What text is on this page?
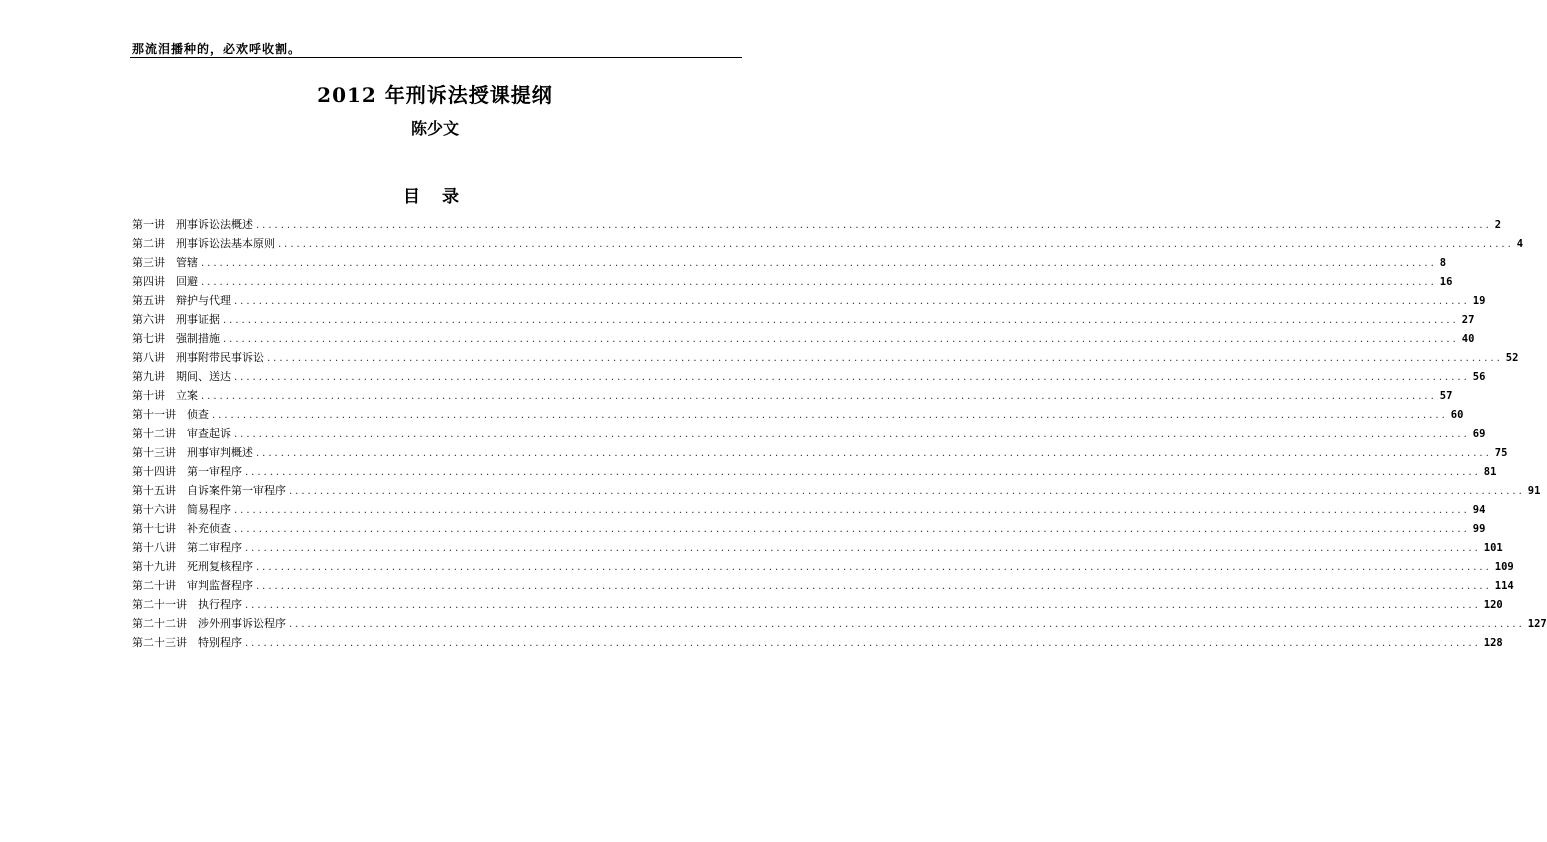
那流泪播种的，必欢呼收割。
2012 年刑诉法授课提纲
陈少文
目 录
第一讲 刑事诉讼法概述 ........................................................................................................................................................................................................ 2
第二讲 刑事诉讼法基本原则 ........................................................................................................................................................................................................ 4
第三讲 管辖 ........................................................................................................................................................................................................ 8
第四讲 回避 ........................................................................................................................................................................................................ 16
第五讲 辩护与代理 ........................................................................................................................................................................................................ 19
第六讲 刑事证据 ........................................................................................................................................................................................................ 27
第七讲 强制措施 ........................................................................................................................................................................................................ 40
第八讲 刑事附带民事诉讼 ........................................................................................................................................................................................................ 52
第九讲 期间、送达 ........................................................................................................................................................................................................ 56
第十讲 立案 ........................................................................................................................................................................................................ 57
第十一讲 侦查 ........................................................................................................................................................................................................ 60
第十二讲 审查起诉 ........................................................................................................................................................................................................ 69
第十三讲 刑事审判概述 ........................................................................................................................................................................................................ 75
第十四讲 第一审程序 ........................................................................................................................................................................................................ 81
第十五讲 自诉案件第一审程序 ........................................................................................................................................................................................................ 91
第十六讲 简易程序 ........................................................................................................................................................................................................ 94
第十七讲 补充侦查 ........................................................................................................................................................................................................ 99
第十八讲 第二审程序 ........................................................................................................................................................................................................ 101
第十九讲 死刑复核程序 ........................................................................................................................................................................................................ 109
第二十讲 审判监督程序 ........................................................................................................................................................................................................ 114
第二十一讲 执行程序 ........................................................................................................................................................................................................ 120
第二十二讲 涉外刑事诉讼程序 ........................................................................................................................................................................................................ 127
第二十三讲 特别程序 ........................................................................................................................................................................................................ 128
